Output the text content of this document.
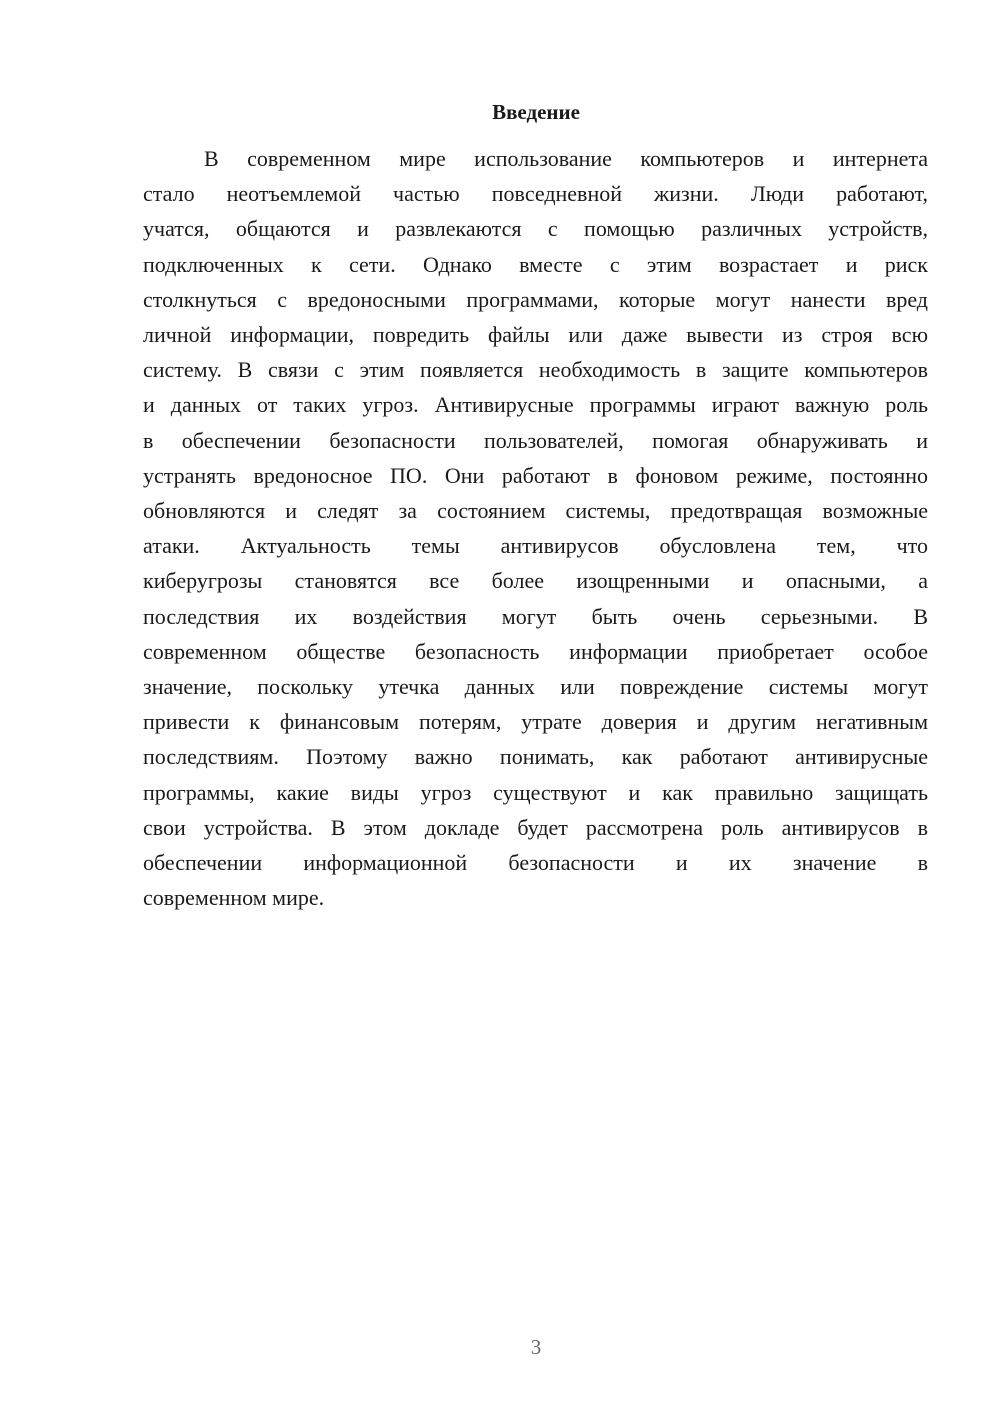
Введение
В современном мире использование компьютеров и интернета
стало неотъемлемой частью повседневной жизни. Люди работают,
учатся, общаются и развлекаются с помощью различных устройств,
подключенных к сети. Однако вместе с этим возрастает и риск
столкнуться с вредоносными программами, которые могут нанести вред
личной информации, повредить файлы или даже вывести из строя всю
систему. В связи с этим появляется необходимость в защите компьютеров
и данных от таких угроз. Антивирусные программы играют важную роль
в обеспечении безопасности пользователей, помогая обнаруживать и
устранять вредоносное ПО. Они работают в фоновом режиме, постоянно
обновляются и следят за состоянием системы, предотвращая возможные
атаки. Актуальность темы антивирусов обусловлена тем, что
киберугрозы становятся все более изощренными и опасными, а
последствия их воздействия могут быть очень серьезными. В
современном обществе безопасность информации приобретает особое
значение, поскольку утечка данных или повреждение системы могут
привести к финансовым потерям, утрате доверия и другим негативным
последствиям. Поэтому важно понимать, как работают антивирусные
программы, какие виды угроз существуют и как правильно защищать
свои устройства. В этом докладе будет рассмотрена роль антивирусов в
обеспечении информационной безопасности и их значение в
современном мире.
3
